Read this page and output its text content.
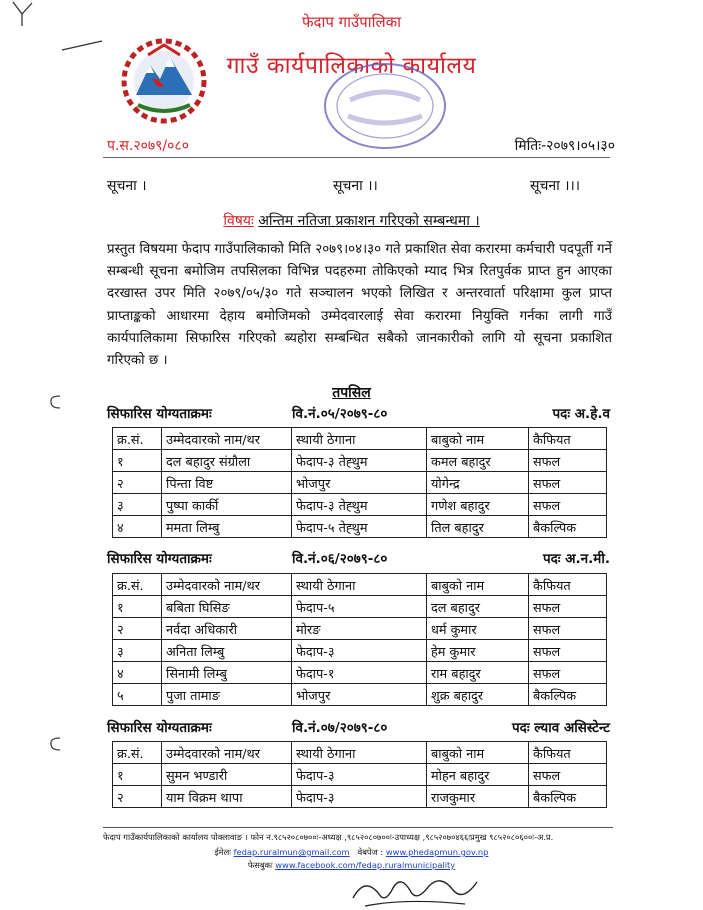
फेदाप गाउँपालिका
गाउँ कार्यपालिकाको कार्यालय
प.स.२०७९/०८०	मितिः-२०७९।०५।३०
सूचना ।	सूचना ।।	सूचना ।।।
विषयः अन्तिम नतिजा प्रकाशन गरिएको सम्बन्धमा ।
प्रस्तुत विषयमा फेदाप गाउँपालिकाको मिति २०७९।०४।३० गते प्रकाशित सेवा करारमा कर्मचारी पदपूर्ती गर्ने सम्बन्धी सूचना बमोजिम तपसिलका विभिन्न पदहरुमा तोकिएको म्याद भित्र रितपुर्वक प्राप्त हुन आएका दरखास्त उपर मिति २०७९/०५/३० गते सञ्चालन भएको लिखित र अन्तरवार्ता परिक्षामा कुल प्राप्त प्राप्ताङ्कको आधारमा देहाय बमोजिमको उम्मेदवारलाई सेवा करारमा नियुक्ति गर्नका लागी गाउँ कार्यपालिकामा सिफारिस गरिएको ब्यहोरा सम्बन्धित सबैको जानकारीको लागि यो सूचना प्रकाशित गरिएको छ ।
तपसिल
सिफारिस योग्यताक्रमः	वि.नं.०५/२०७९-८०	पदः अ.हे.व
क्र.सं.	उम्मेदवारको नाम/थर	स्थायी ठेगाना	बाबुको नाम	कैफियत
१	दल बहादुर संग्रौला	फेदाप-३ तेह्थुम	कमल बहादुर	सफल
२	पिन्ता विष्ट	भोजपुर	योगेन्द्र	सफल
३	पुष्पा कार्की	फेदाप-३ तेह्थुम	गणेश बहादुर	सफल
४	ममता लिम्बु	फेदाप-५ तेह्थुम	तिल बहादुर	बैकल्पिक
सिफारिस योग्यताक्रमः	वि.नं.०६/२०७९-८०	पदः अ.न.मी.
क्र.सं.	उम्मेदवारको नाम/थर	स्थायी ठेगाना	बाबुको नाम	कैफियत
१	बबिता घिसिङ	फेदाप-५	दल बहादुर	सफल
२	नर्वदा अधिकारी	मोरङ	धर्म कुमार	सफल
३	अनिता लिम्बु	फेदाप-३	हेम कुमार	सफल
४	सिनामी लिम्बु	फेदाप-१	राम बहादुर	सफल
५	पुजा तामाङ	भोजपुर	शुक्र बहादुर	बैकल्पिक
सिफारिस योग्यताक्रमः	वि.नं.०७/२०७९-८०	पदः ल्याव असिस्टेन्ट
क्र.सं.	उम्मेदवारको नाम/थर	स्थायी ठेगाना	बाबुको नाम	कैफियत
१	सुमन भण्डारी	फेदाप-३	मोहन बहादुर	सफल
२	याम विक्रम थापा	फेदाप-३	राजकुमार	बैकल्पिक
फेदाप गाउँकार्यपालिकाको कार्यालय पोक्लावाङ । फोन न.९८५२०८०७००ः-अध्यक्ष ,९८५२०८०७००ः-उपाध्यक्ष ,९८५२०७०४६६ःप्रमुख ९८५२०८०६००ः-अ.प्र.
ईमेलः fedap.ruralmun@gmail.com वेबपेज : www.phedapmun.gov.np
फेसबुकः www.facebook.com/fedap.ruralmunicipality
